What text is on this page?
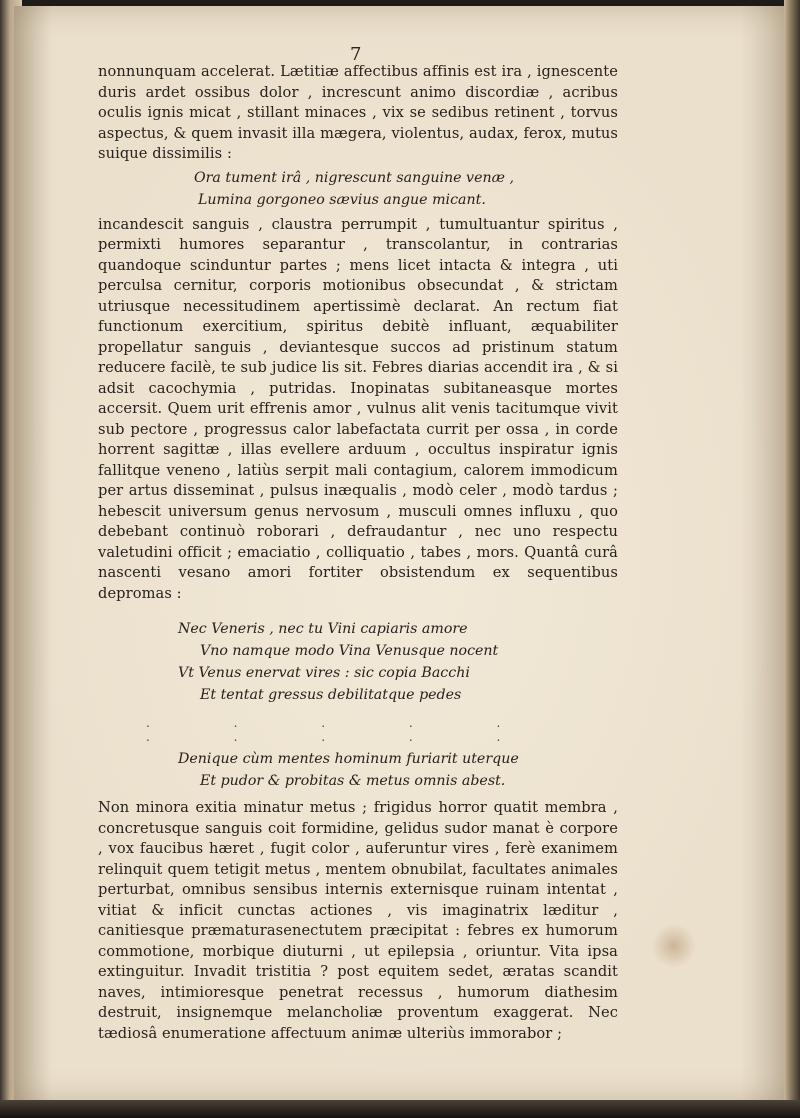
7

nonnunquam accelerat. Lætitiæ affectibus affinis est ira , ignescente duris ardet ossibus dolor , increscunt animo discordiæ , acribus oculis ignis micat , stillant minaces , vix se sedibus retinent , torvus aspectus, & quem invasit illa mægera, violentus, audax, ferox, mutus suique dissimilis :

Ora tument irâ , nigrescunt sanguine venæ ,

Lumina gorgoneo sævius angue micant.

incandescit sanguis , claustra perrumpit , tumultuantur spiritus , permixti humores separantur , transcolantur, in contrarias quandoque scinduntur partes ; mens licet intacta & integra , uti perculsa cernitur, corporis motionibus obsecundat , & strictam utriusque necessitudinem apertissimè declarat. An rectum fiat functionum exercitium, spiritus debitè influant, æquabiliter propellatur sanguis , deviantesque succos ad pristinum statum reducere facilè, te sub judice lis sit. Febres diarias accendit ira , & si adsit cacochymia , putridas. Inopinatas subitaneasque mortes accersit. Quem urit effrenis amor , vulnus alit venis tacitumque vivit sub pectore , progressus calor labefactata currit per ossa , in corde horrent sagittæ , illas evellere arduum , occultus inspiratur ignis fallitque veneno , latiùs serpit mali contagium, calorem immodicum per artus disseminat , pulsus inæqualis , modò celer , modò tardus ; hebescit universum genus nervosum , musculi omnes influxu , quo debebant continuò roborari , defraudantur , nec uno respectu valetudini officit ; emaciatio , colliquatio , tabes , mors. Quantâ curâ nascenti vesano amori fortiter obsistendum ex sequentibus depromas :

Nec Veneris , nec tu Vini capiaris amore

Vno namque modo Vina Venusque nocent

Vt Venus enervat vires : sic copia Bacchi

Et tentat gressus debilitatque pedes

. . . . . . . . . .

Denique cùm mentes hominum furiarit uterque

Et pudor & probitas & metus omnis abest.

Non minora exitia minatur metus ; frigidus horror quatit membra , concretusque sanguis coit formidine, gelidus sudor manat è corpore , vox faucibus hæret , fugit color , auferuntur vires , ferè exanimem relinquit quem tetigit metus , mentem obnubilat, facultates animales perturbat, omnibus sensibus internis externisque ruinam intentat , vitiat & inficit cunctas actiones , vis imaginatrix læditur , canitiesque præmaturasenectutem præcipitat : febres ex humorum commotione, morbique diuturni , ut epilepsia , oriuntur. Vita ipsa extinguitur. Invadit tristitia ? post equitem sedet, æratas scandit naves, intimioresque penetrat recessus , humorum diathesim destruit, insignemque melancholiæ proventum exaggerat. Nec tædiosâ enumeratione affectuum animæ ulteriùs immorabor ;
